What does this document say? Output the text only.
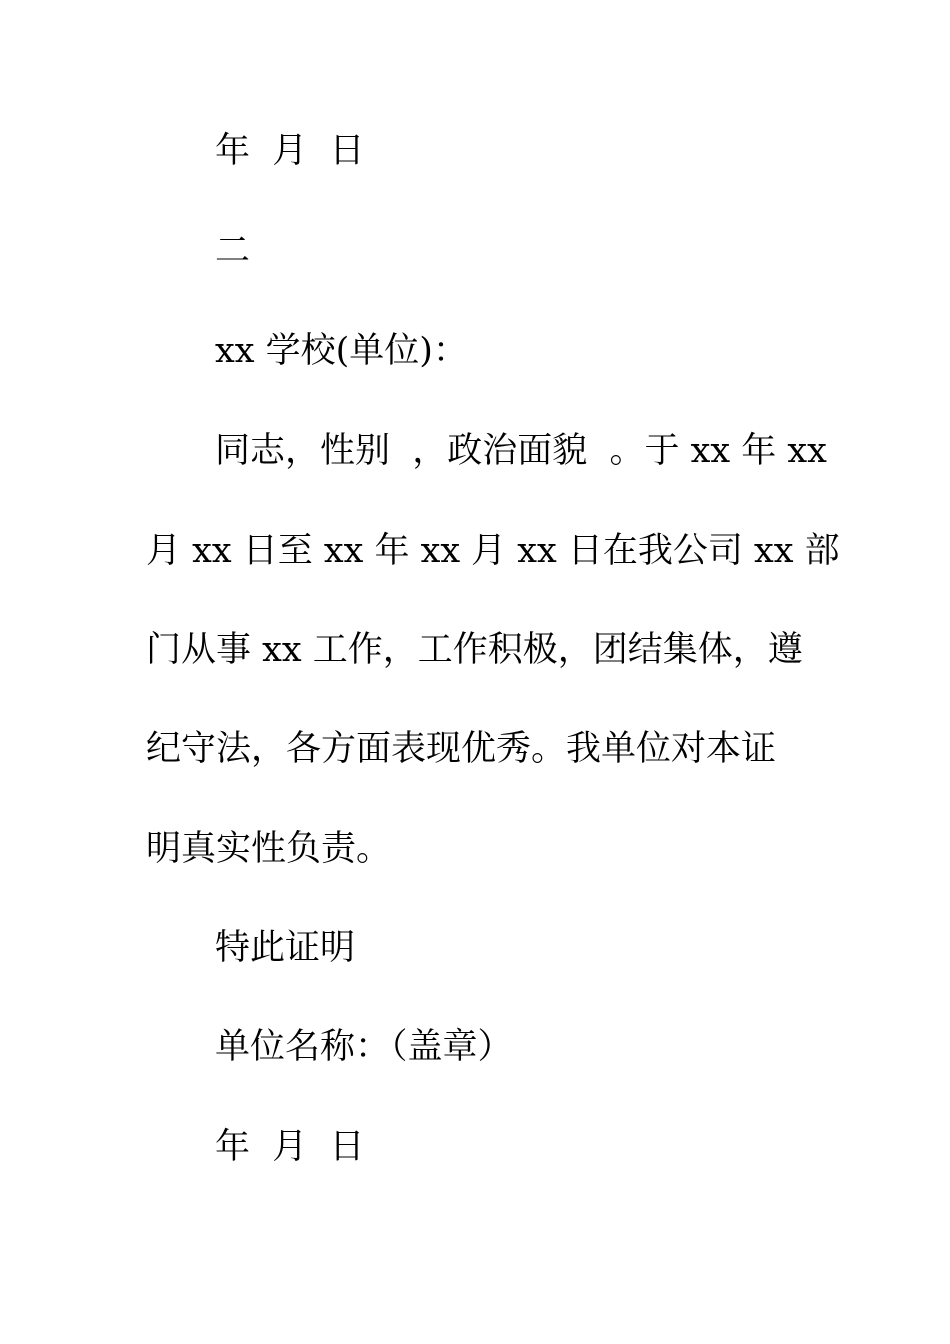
年  月  日
二
xx 学校(单位)：
同志，性别  ，政治面貌  。于 xx 年 xx
月 xx 日至 xx 年 xx 月 xx 日在我公司 xx 部
门从事 xx 工作，工作积极，团结集体，遵
纪守法，各方面表现优秀。我单位对本证
明真实性负责。
特此证明
单位名称：（盖章）
年  月  日
